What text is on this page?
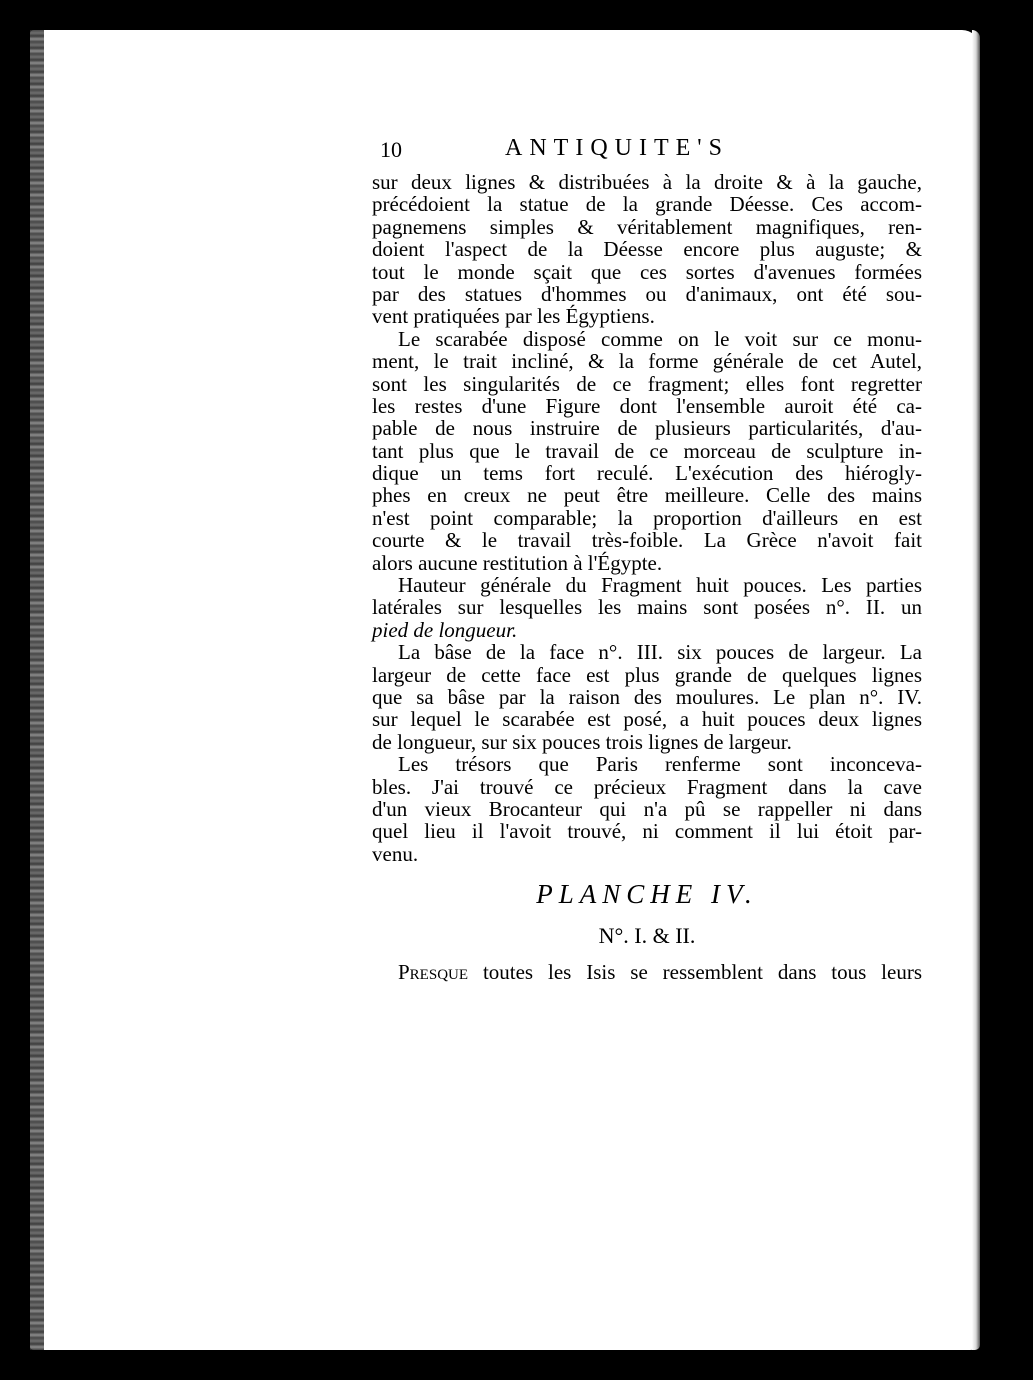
10	ANTIQUITE'S
sur deux lignes & distribuées à la droite & à la gauche,
précédoient la statue de la grande Déesse. Ces accom-
pagnemens simples & véritablement magnifiques, ren-
doient l'aspect de la Déesse encore plus auguste; &
tout le monde sçait que ces sortes d'avenues formées
par des statues d'hommes ou d'animaux, ont été sou-
vent pratiquées par les Égyptiens.
Le scarabée disposé comme on le voit sur ce monu-
ment, le trait incliné, & la forme générale de cet Autel,
sont les singularités de ce fragment; elles font regretter
les restes d'une Figure dont l'ensemble auroit été ca-
pable de nous instruire de plusieurs particularités, d'au-
tant plus que le travail de ce morceau de sculpture in-
dique un tems fort reculé. L'exécution des hiérogly-
phes en creux ne peut être meilleure. Celle des mains
n'est point comparable; la proportion d'ailleurs en est
courte & le travail très-foible. La Grèce n'avoit fait
alors aucune restitution à l'Égypte.
Hauteur générale du Fragment huit pouces. Les parties
latérales sur lesquelles les mains sont posées n°. II. un
pied de longueur.
La bâse de la face n°. III. six pouces de largeur. La
largeur de cette face est plus grande de quelques lignes
que sa bâse par la raison des moulures. Le plan n°. IV.
sur lequel le scarabée est posé, a huit pouces deux lignes
de longueur, sur six pouces trois lignes de largeur.
Les trésors que Paris renferme sont inconceva-
bles. J'ai trouvé ce précieux Fragment dans la cave
d'un vieux Brocanteur qui n'a pû se rappeller ni dans
quel lieu il l'avoit trouvé, ni comment il lui étoit par-
venu.
PLANCHE IV.
N°. I. & II.
Presque toutes les Isis se ressemblent dans tous leurs
